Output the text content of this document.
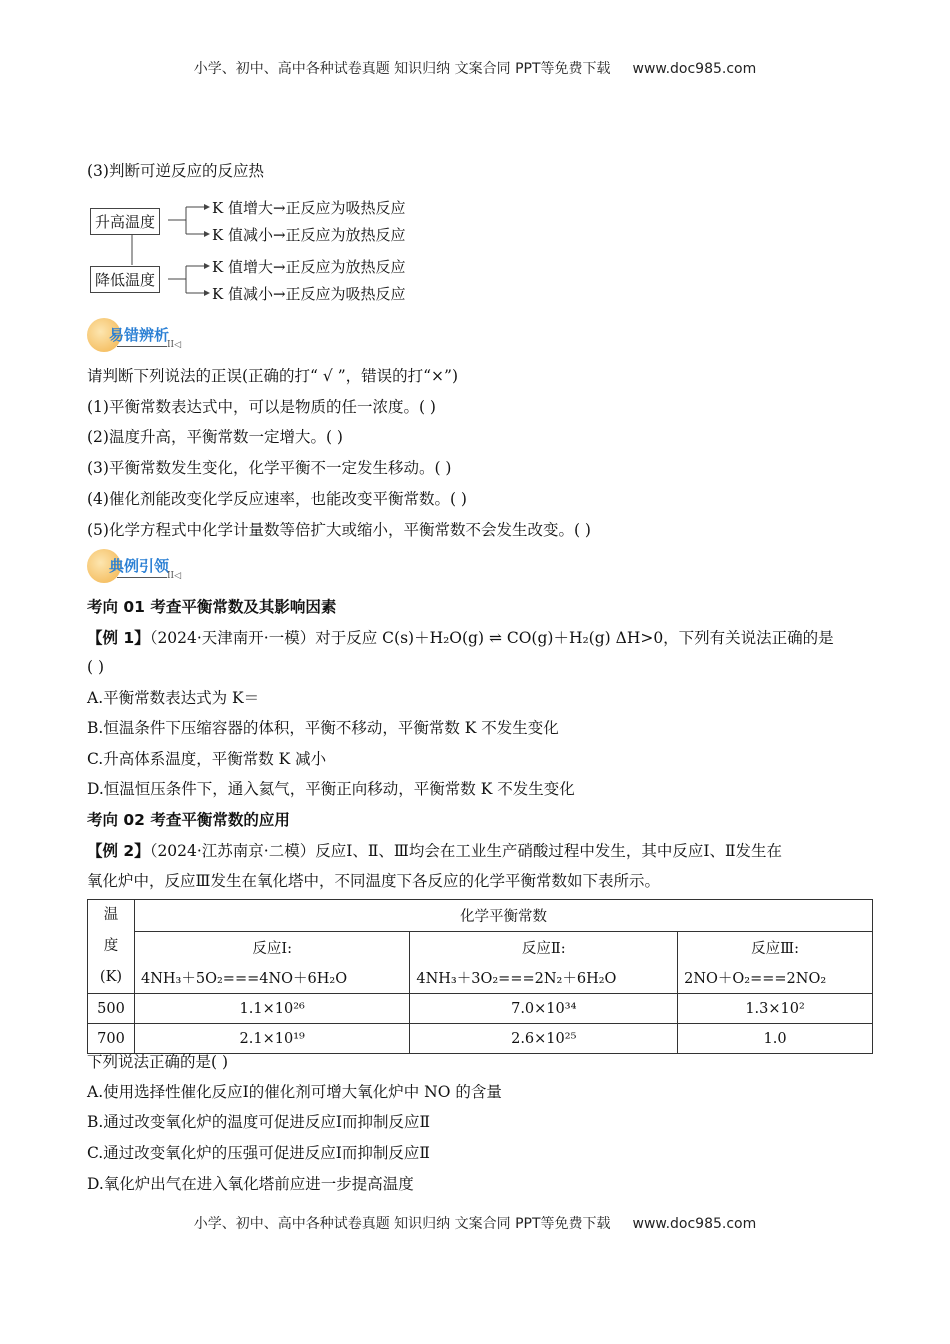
小学、初中、高中各种试卷真题 知识归纳 文案合同 PPT等免费下载 www.doc985.com
(3)判断可逆反应的反应热
升高温度
降低温度
K 值增大→正反应为吸热反应
K 值减小→正反应为放热反应
K 值增大→正反应为放热反应
K 值减小→正反应为吸热反应
易错辨析
II◁
请判断下列说法的正误(正确的打“ √ ”，错误的打“×”)
(1)平衡常数表达式中，可以是物质的任一浓度。( )
(2)温度升高，平衡常数一定增大。( )
(3)平衡常数发生变化，化学平衡不一定发生移动。( )
(4)催化剂能改变化学反应速率，也能改变平衡常数。( )
(5)化学方程式中化学计量数等倍扩大或缩小，平衡常数不会发生改变。( )
典例引领
II◁
考向 01 考查平衡常数及其影响因素
【例 1】（2024·天津南开·一模）对于反应 C(s)＋H₂O(g) ⇌ CO(g)＋H₂(g) ΔH>0，下列有关说法正确的是
( )
A.平衡常数表达式为 K＝
B.恒温条件下压缩容器的体积，平衡不移动，平衡常数 K 不发生变化
C.升高体系温度，平衡常数 K 减小
D.恒温恒压条件下，通入氦气，平衡正向移动，平衡常数 K 不发生变化
考向 02 考查平衡常数的应用
【例 2】（2024·江苏南京·二模）反应Ⅰ、Ⅱ、Ⅲ均会在工业生产硝酸过程中发生，其中反应Ⅰ、Ⅱ发生在
氧化炉中，反应Ⅲ发生在氧化塔中，不同温度下各反应的化学平衡常数如下表所示。
温
度
(K)	化学平衡常数		
	反应Ⅰ:	反应Ⅱ:	反应Ⅲ:
	4NH₃＋5O₂===4NO＋6H₂O	4NH₃＋3O₂===2N₂＋6H₂O	2NO＋O₂===2NO₂
500	1.1×10²⁶	7.0×10³⁴	1.3×10²
700	2.1×10¹⁹	2.6×10²⁵	1.0
下列说法正确的是( )
A.使用选择性催化反应Ⅰ的催化剂可增大氧化炉中 NO 的含量
B.通过改变氧化炉的温度可促进反应Ⅰ而抑制反应Ⅱ
C.通过改变氧化炉的压强可促进反应Ⅰ而抑制反应Ⅱ
D.氧化炉出气在进入氧化塔前应进一步提高温度
小学、初中、高中各种试卷真题 知识归纳 文案合同 PPT等免费下载 www.doc985.com
